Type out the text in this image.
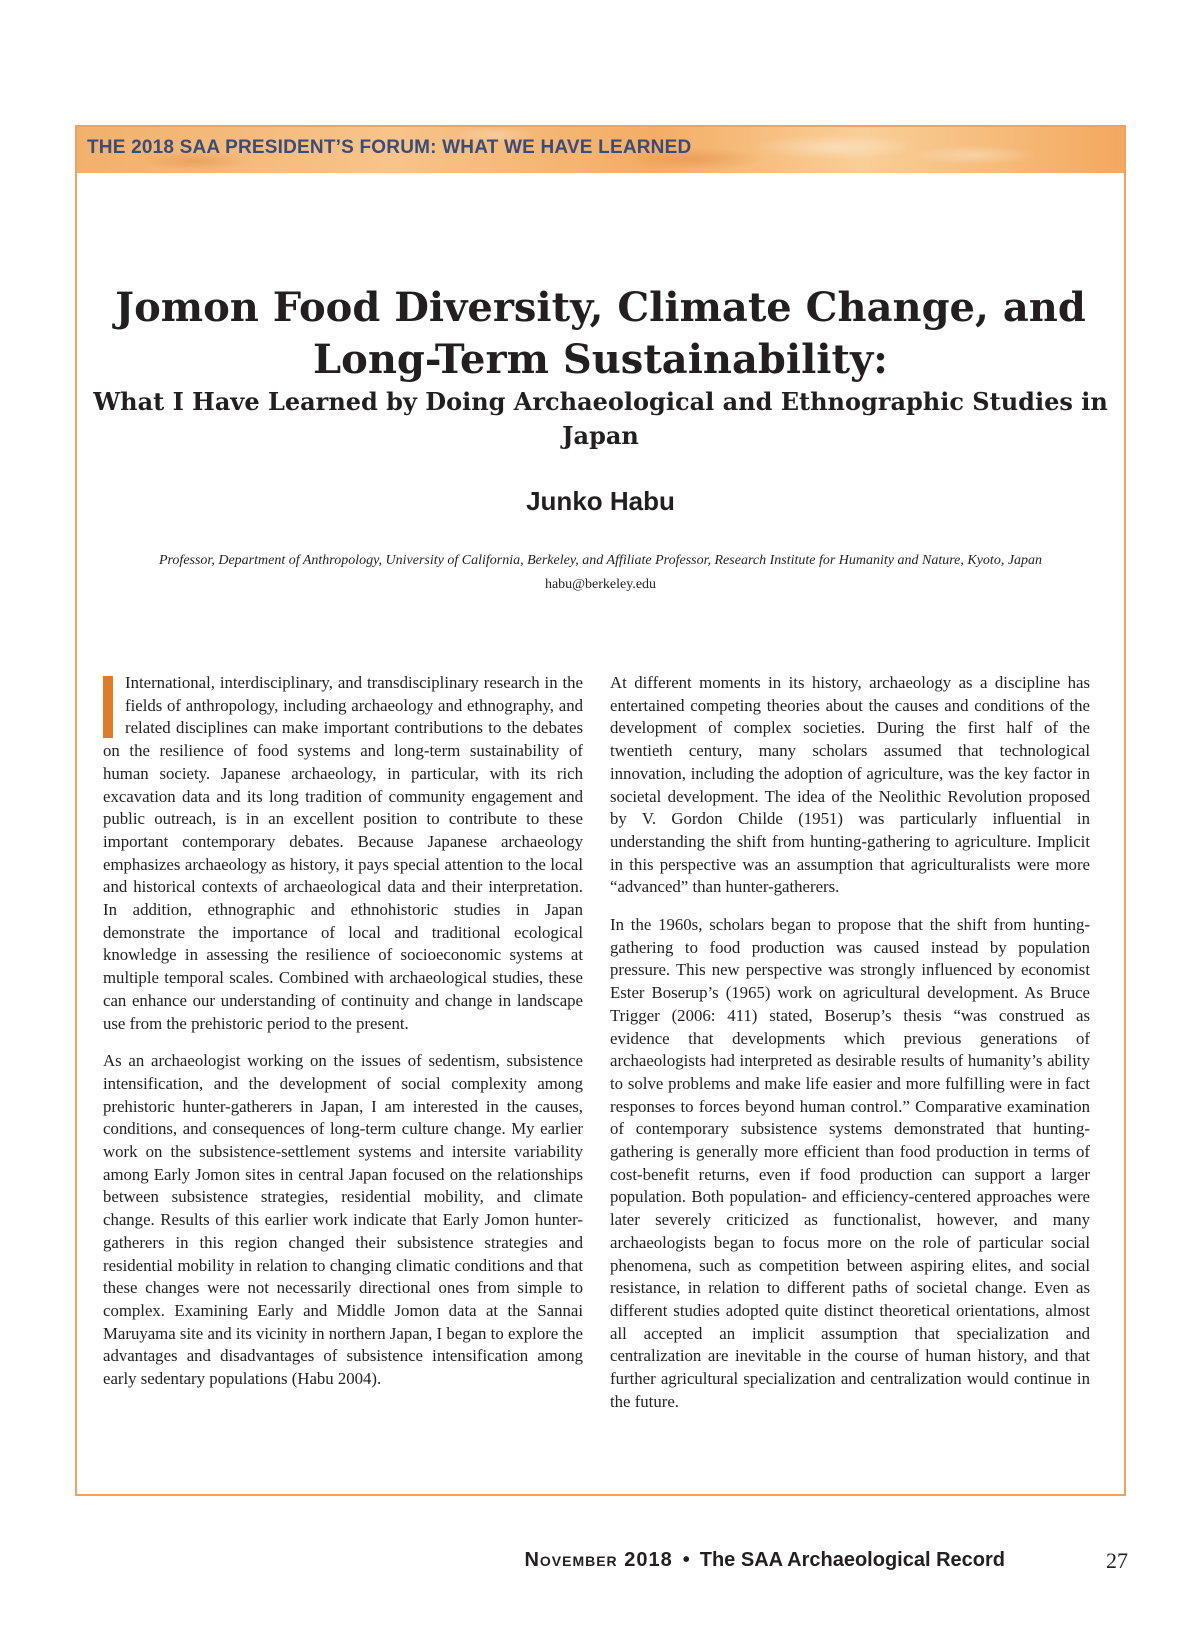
THE 2018 SAA PRESIDENT’S FORUM: WHAT WE HAVE LEARNED
Jomon Food Diversity, Climate Change, and Long-Term Sustainability:
What I Have Learned by Doing Archaeological and Ethnographic Studies in Japan
Junko Habu
Professor, Department of Anthropology, University of California, Berkeley, and Affiliate Professor, Research Institute for Humanity and Nature, Kyoto, Japan
habu@berkeley.edu

International, interdisciplinary, and transdisciplinary research in the fields of anthropology, including archaeology and ethnography, and related disciplines can make important contributions to the debates on the resilience of food systems and long-term sustainability of human society. Japanese archaeology, in particular, with its rich excavation data and its long tradition of community engagement and public outreach, is in an excellent position to contribute to these important contemporary debates. Because Japanese archaeology emphasizes archaeology as history, it pays special attention to the local and historical contexts of archaeological data and their interpretation. In addition, ethnographic and ethnohistoric studies in Japan demonstrate the importance of local and traditional ecological knowledge in assessing the resilience of socioeconomic systems at multiple temporal scales. Combined with archaeological studies, these can enhance our understanding of continuity and change in landscape use from the prehistoric period to the present.

As an archaeologist working on the issues of sedentism, subsistence intensification, and the development of social complexity among prehistoric hunter-gatherers in Japan, I am interested in the causes, conditions, and consequences of long-term culture change. My earlier work on the subsistence-settlement systems and intersite variability among Early Jomon sites in central Japan focused on the relationships between subsistence strategies, residential mobility, and climate change. Results of this earlier work indicate that Early Jomon hunter-gatherers in this region changed their subsistence strategies and residential mobility in relation to changing climatic conditions and that these changes were not necessarily directional ones from simple to complex. Examining Early and Middle Jomon data at the Sannai Maruyama site and its vicinity in northern Japan, I began to explore the advantages and disadvantages of subsistence intensification among early sedentary populations (Habu 2004).

At different moments in its history, archaeology as a discipline has entertained competing theories about the causes and conditions of the development of complex societies. During the first half of the twentieth century, many scholars assumed that technological innovation, including the adoption of agriculture, was the key factor in societal development. The idea of the Neolithic Revolution proposed by V. Gordon Childe (1951) was particularly influential in understanding the shift from hunting-gathering to agriculture. Implicit in this perspective was an assumption that agriculturalists were more “advanced” than hunter-gatherers.

In the 1960s, scholars began to propose that the shift from hunting-gathering to food production was caused instead by population pressure. This new perspective was strongly influenced by economist Ester Boserup’s (1965) work on agricultural development. As Bruce Trigger (2006: 411) stated, Boserup’s thesis “was construed as evidence that developments which previous generations of archaeologists had interpreted as desirable results of humanity’s ability to solve problems and make life easier and more fulfilling were in fact responses to forces beyond human control.” Comparative examination of contemporary subsistence systems demonstrated that hunting-gathering is generally more efficient than food production in terms of cost-benefit returns, even if food production can support a larger population. Both population- and efficiency-centered approaches were later severely criticized as functionalist, however, and many archaeologists began to focus more on the role of particular social phenomena, such as competition between aspiring elites, and social resistance, in relation to different paths of societal change. Even as different studies adopted quite distinct theoretical orientations, almost all accepted an implicit assumption that specialization and centralization are inevitable in the course of human history, and that further agricultural specialization and centralization would continue in the future.

November 2018 • The SAA Archaeological Record	27
